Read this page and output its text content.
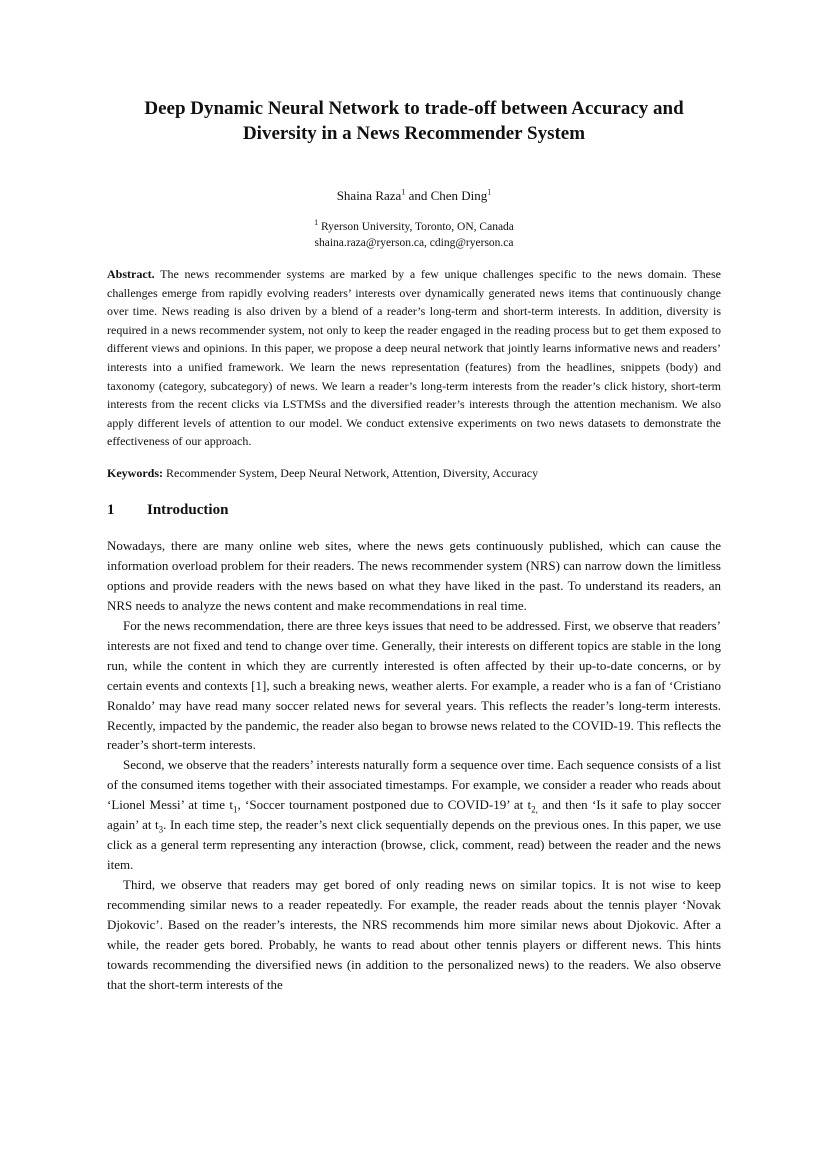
Deep Dynamic Neural Network to trade-off between Accuracy and
Diversity in a News Recommender System
Shaina Raza$^1$ and Chen Ding$^1$
$^1$ Ryerson University, Toronto, ON, Canada
shaina.raza@ryerson.ca, cding@ryerson.ca
Abstract. The news recommender systems are marked by a few unique challenges specific to the news domain. These challenges emerge from rapidly evolving readers’ interests over dynamically generated news items that continuously change over time. News reading is also driven by a blend of a reader’s long-term and short-term interests. In addition, diversity is required in a news recommender system, not only to keep the reader engaged in the reading process but to get them exposed to different views and opinions. In this paper, we propose a deep neural network that jointly learns informative news and readers’ interests into a unified framework. We learn the news representation (features) from the headlines, snippets (body) and taxonomy (category, subcategory) of news. We learn a reader’s long-term interests from the reader’s click history, short-term interests from the recent clicks via LSTMSs and the diversified reader’s interests through the attention mechanism. We also apply different levels of attention to our model. We conduct extensive experiments on two news datasets to demonstrate the effectiveness of our approach.
Keywords: Recommender System, Deep Neural Network, Attention, Diversity, Accuracy
1 Introduction

Nowadays, there are many online web sites, where the news gets continuously published, which can cause the information overload problem for their readers. The news recommender system (NRS) can narrow down the limitless options and provide readers with the news based on what they have liked in the past. To understand its readers, an NRS needs to analyze the news content and make recommendations in real time.

For the news recommendation, there are three keys issues that need to be addressed. First, we observe that readers’ interests are not fixed and tend to change over time. Generally, their interests on different topics are stable in the long run, while the content in which they are currently interested is often affected by their up-to-date concerns, or by certain events and contexts [1], such a breaking news, weather alerts. For example, a reader who is a fan of ‘Cristiano Ronaldo’ may have read many soccer related news for several years. This reflects the reader’s long-term interests. Recently, impacted by the pandemic, the reader also began to browse news related to the COVID-19. This reflects the reader’s short-term interests.

Second, we observe that the readers’ interests naturally form a sequence over time. Each sequence consists of a list of the consumed items together with their associated timestamps. For example, we consider a reader who reads about ‘Lionel Messi’ at time $t_1$, ‘Soccer tournament postponed due to COVID-19’ at $t_{2,}$ and then ‘Is it safe to play soccer again’ at $t_3$. In each time step, the reader’s next click sequentially depends on the previous ones. In this paper, we use click as a general term representing any interaction (browse, click, comment, read) between the reader and the news item.

Third, we observe that readers may get bored of only reading news on similar topics. It is not wise to keep recommending similar news to a reader repeatedly. For example, the reader reads about the tennis player ‘Novak Djokovic’. Based on the reader’s interests, the NRS recommends him more similar news about Djokovic. After a while, the reader gets bored. Probably, he wants to read about other tennis players or different news. This hints towards recommending the diversified news (in addition to the personalized news) to the readers. We also observe that the short-term interests of the
